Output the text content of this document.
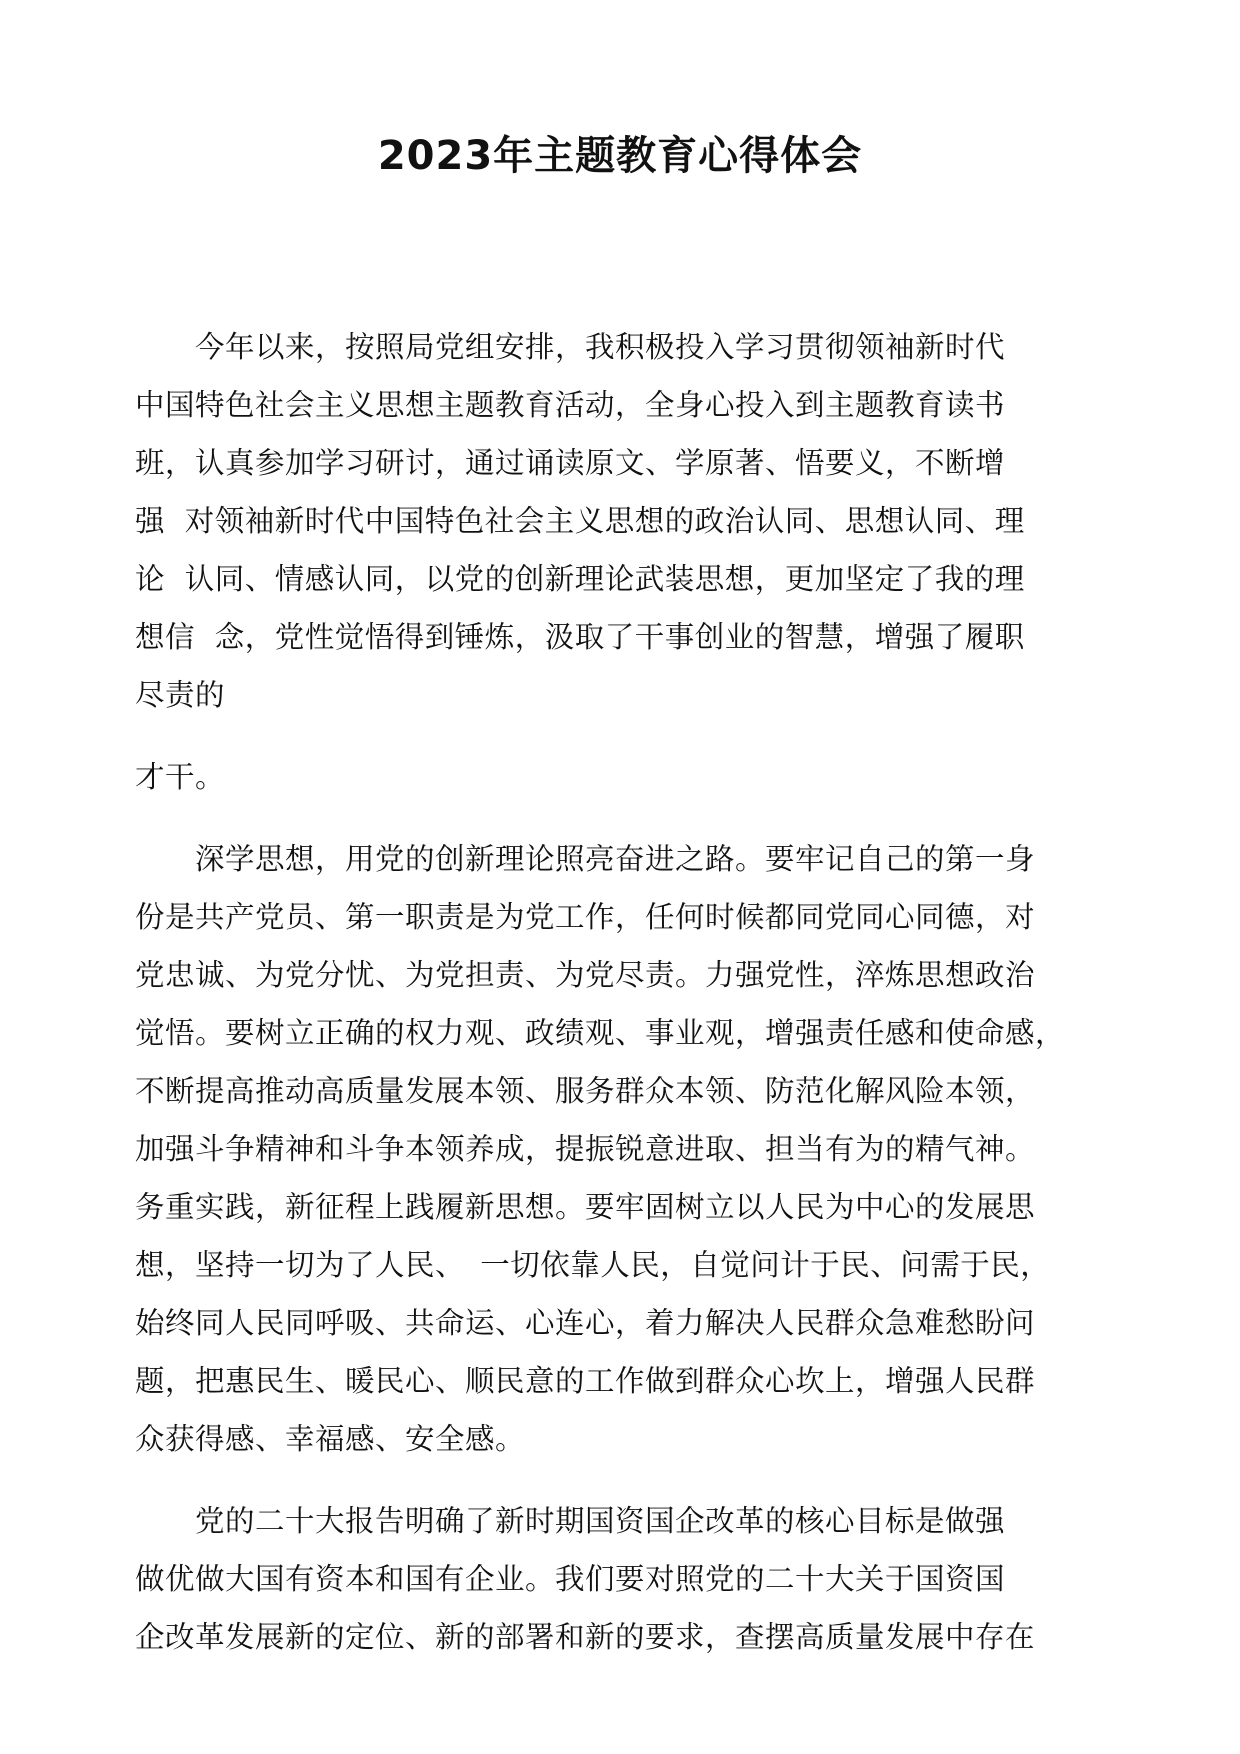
2023年主题教育心得体会
　　今年以来，按照局党组安排，我积极投入学习贯彻领袖新时代
中国特色社会主义思想主题教育活动，全身心投入到主题教育读书
班，认真参加学习研讨，通过诵读原文、学原著、悟要义，不断增
强  对领袖新时代中国特色社会主义思想的政治认同、思想认同、理
论  认同、情感认同，以党的创新理论武装思想，更加坚定了我的理
想信  念，党性觉悟得到锤炼，汲取了干事创业的智慧，增强了履职
尽责的
才干。
　　深学思想，用党的创新理论照亮奋进之路。要牢记自己的第一身
份是共产党员、第一职责是为党工作，任何时候都同党同心同德，对
党忠诚、为党分忧、为党担责、为党尽责。力强党性，淬炼思想政治
觉悟。要树立正确的权力观、政绩观、事业观，增强责任感和使命感，
不断提高推动高质量发展本领、服务群众本领、防范化解风险本领，
加强斗争精神和斗争本领养成，提振锐意进取、担当有为的精气神。
务重实践，新征程上践履新思想。要牢固树立以人民为中心的发展思
想，坚持一切为了人民、　一切依靠人民，自觉问计于民、问需于民，
始终同人民同呼吸、共命运、心连心，着力解决人民群众急难愁盼问
题，把惠民生、暖民心、顺民意的工作做到群众心坎上，增强人民群
众获得感、幸福感、安全感。
　　党的二十大报告明确了新时期国资国企改革的核心目标是做强
做优做大国有资本和国有企业。我们要对照党的二十大关于国资国
企改革发展新的定位、新的部署和新的要求，查摆高质量发展中存在
